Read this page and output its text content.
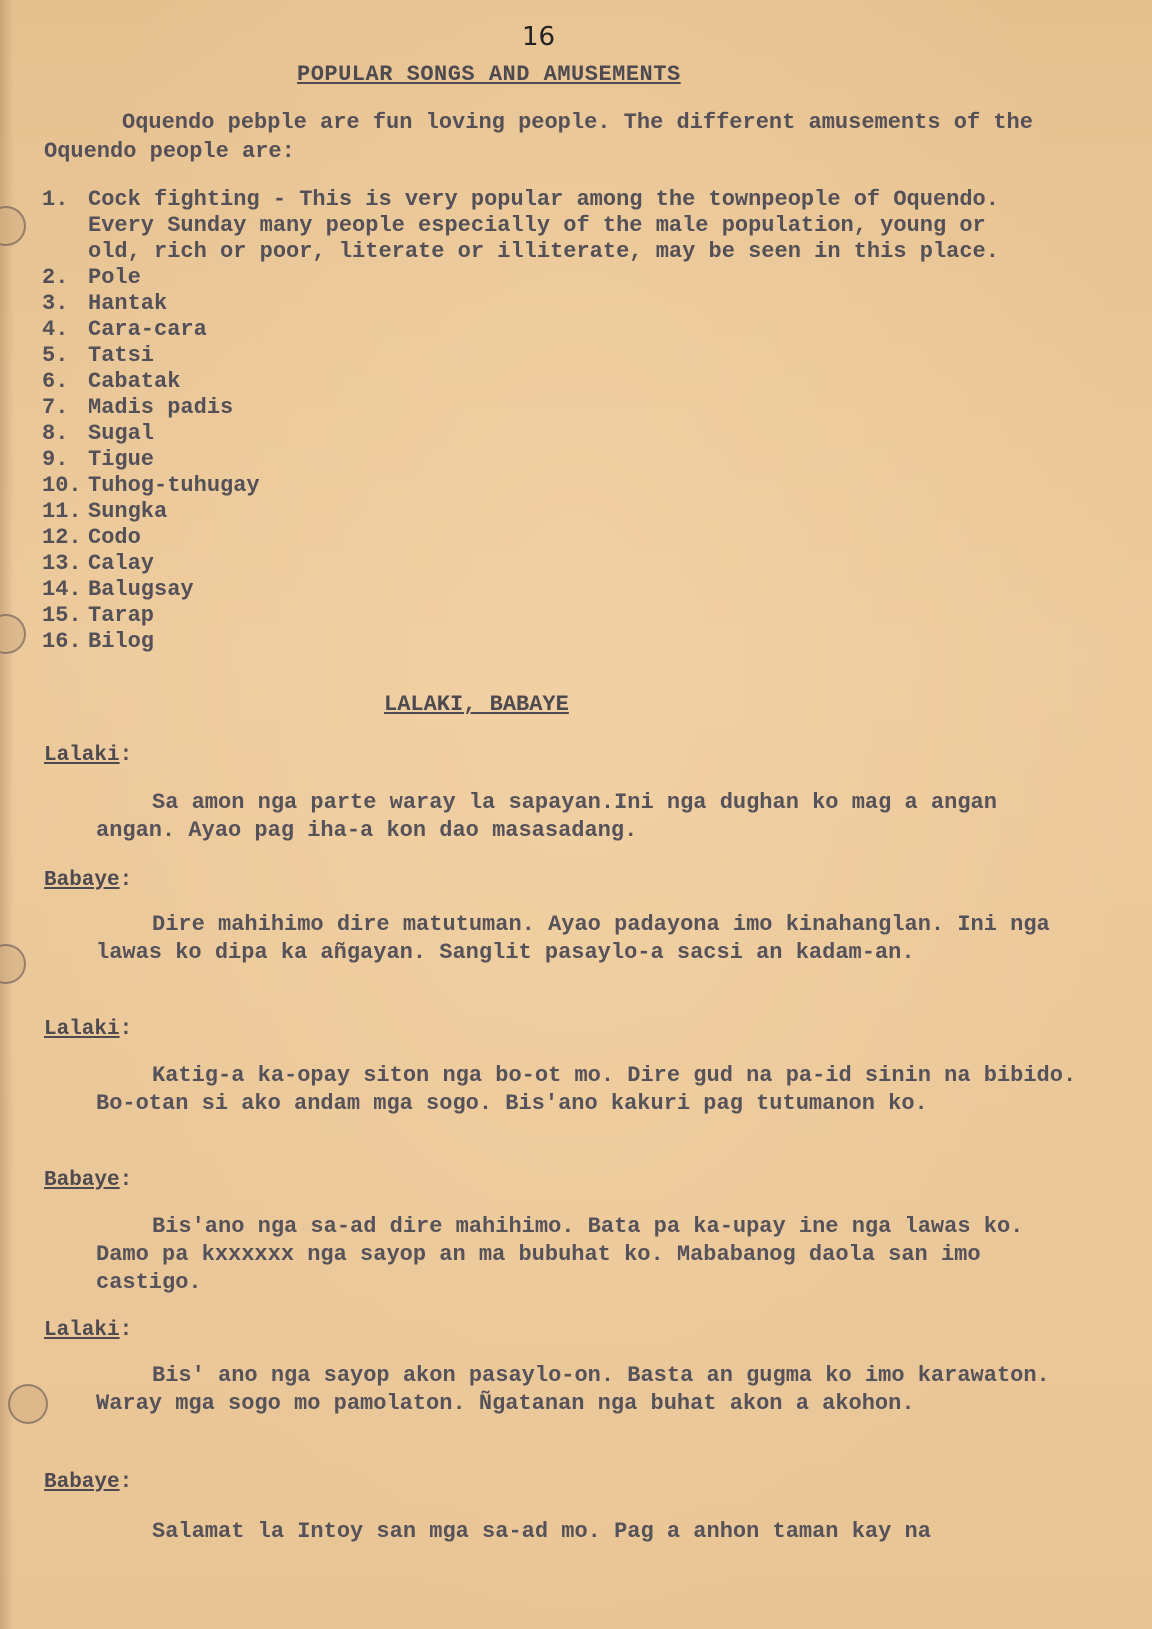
16
POPULAR SONGS AND AMUSEMENTS

Oquendo pebple are fun loving people. The different amusements of the Oquendo people are:

1. Cock fighting - This is very popular among the townpeople of Oquendo. Every Sunday many people especially of the male population, young or old, rich or poor, literate or illiterate, may be seen in this place.
2. Pole
3. Hantak
4. Cara-cara
5. Tatsi
6. Cabatak
7. Madis padis
8. Sugal
9. Tigue
10. Tuhog-tuhugay
11. Sungka
12. Codo
13. Calay
14. Balugsay
15. Tarap
16. Bilog
LALAKI, BABAYE
Lalaki:

Sa amon nga parte waray la sapayan.Ini nga dughan ko mag a angan angan. Ayao pag iha-a kon dao masasadang.

Babaye:

Dire mahihimo dire matutuman. Ayao padayona imo kinahanglan. Ini nga lawas ko dipa ka añgayan. Sanglit pasaylo-a sacsi an kadam-an.

Lalaki:

Katig-a ka-opay siton nga bo-ot mo. Dire gud na pa-id sinin na bibido. Bo-otan si ako andam mga sogo. Bis'ano kakuri pag tutumanon ko.

Babaye:

Bis'ano nga sa-ad dire mahihimo. Bata pa ka-upay ine nga lawas ko. Damo pa kxxxxxx nga sayop an ma bubuhat ko. Mababanog daola san imo castigo.

Lalaki:

Bis' ano nga sayop akon pasaylo-on. Basta an gugma ko imo karawaton. Waray mga sogo mo pamolaton. Ñgatanan nga buhat akon a akohon.

Babaye:

Salamat la Intoy san mga sa-ad mo. Pag a anhon taman kay na
